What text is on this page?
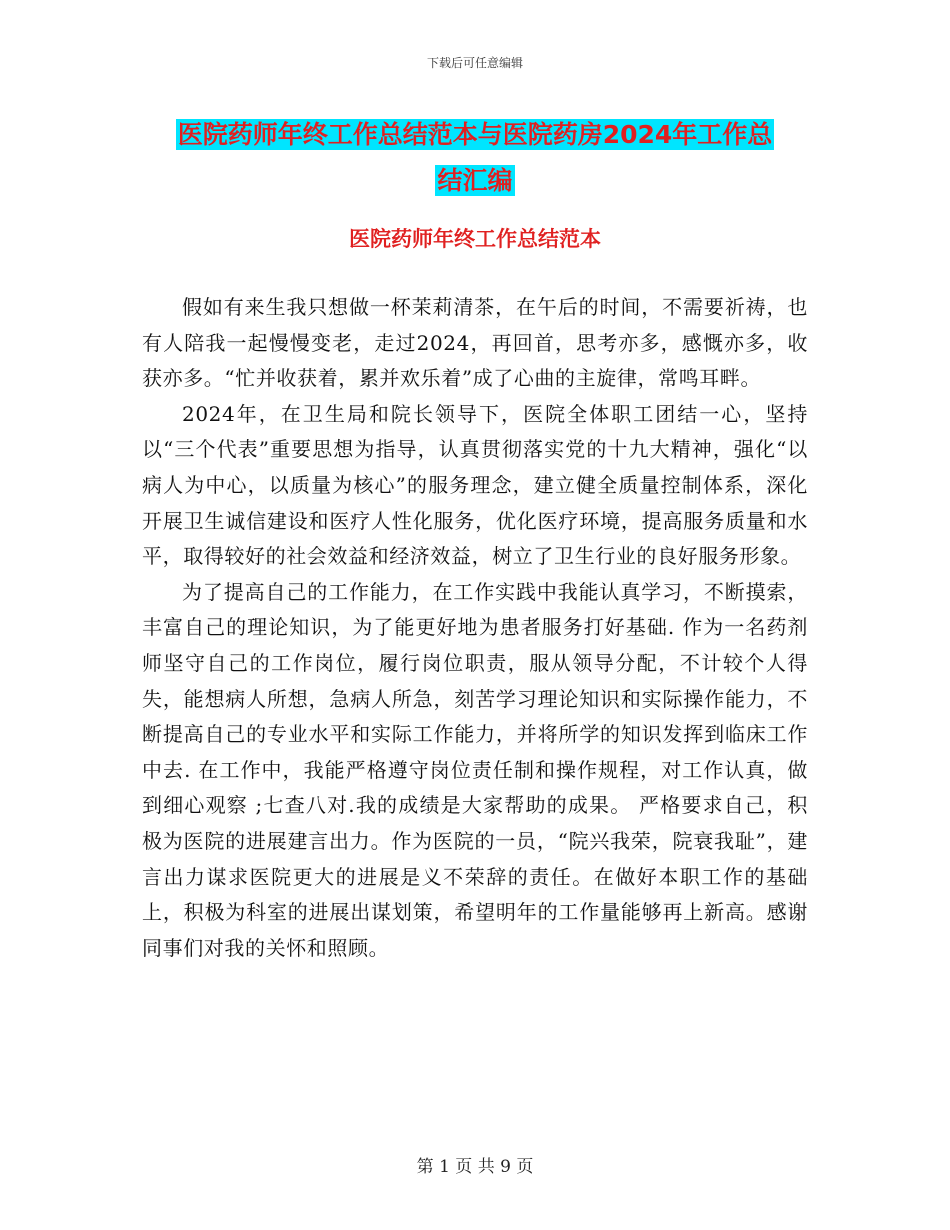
下载后可任意编辑
医院药师年终工作总结范本与医院药房2024年工作总
结汇编
医院药师年终工作总结范本

假如有来生我只想做一杯茉莉清茶，在午后的时间，不需要祈祷，也有人陪我一起慢慢变老，走过2024，再回首，思考亦多，感慨亦多，收获亦多。“忙并收获着，累并欢乐着”成了心曲的主旋律，常鸣耳畔。

2024年，在卫生局和院长领导下，医院全体职工团结一心，坚持以“三个代表”重要思想为指导，认真贯彻落实党的十九大精神，强化“以病人为中心，以质量为核心”的服务理念，建立健全质量控制体系，深化开展卫生诚信建设和医疗人性化服务，优化医疗环境，提高服务质量和水平，取得较好的社会效益和经济效益，树立了卫生行业的良好服务形象。

为了提高自己的工作能力，在工作实践中我能认真学习，不断摸索，丰富自己的理论知识，为了能更好地为患者服务打好基础. 作为一名药剂师坚守自己的工作岗位，履行岗位职责，服从领导分配，不计较个人得失，能想病人所想，急病人所急，刻苦学习理论知识和实际操作能力，不断提高自己的专业水平和实际工作能力，并将所学的知识发挥到临床工作中去. 在工作中，我能严格遵守岗位责任制和操作规程，对工作认真，做到细心观察 ;七查八对.我的成绩是大家帮助的成果。 严格要求自己，积极为医院的进展建言出力。作为医院的一员，“院兴我荣，院衰我耻”，建言出力谋求医院更大的进展是义不荣辞的责任。在做好本职工作的基础上，积极为科室的进展出谋划策，希望明年的工作量能够再上新高。感谢同事们对我的关怀和照顾。

第 1 页 共 9 页
